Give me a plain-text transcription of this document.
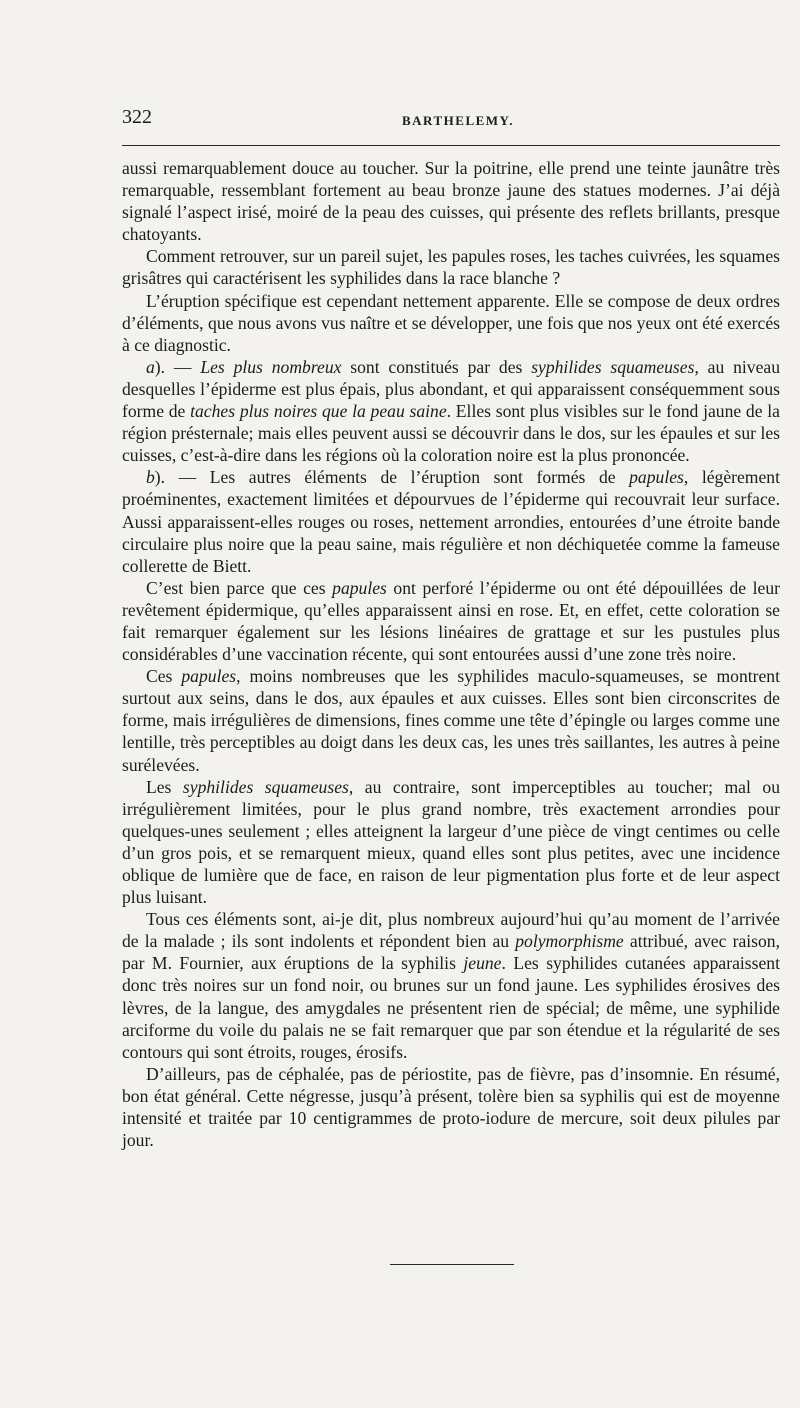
322	BARTHELEMY.

aussi remarquablement douce au toucher. Sur la poitrine, elle prend une teinte jaunâtre très remarquable, ressemblant fortement au beau bronze jaune des statues modernes. J’ai déjà signalé l’aspect irisé, moiré de la peau des cuisses, qui présente des reflets brillants, presque chatoyants.

Comment retrouver, sur un pareil sujet, les papules roses, les taches cuivrées, les squames grisâtres qui caractérisent les syphilides dans la race blanche ?

L’éruption spécifique est cependant nettement apparente. Elle se compose de deux ordres d’éléments, que nous avons vus naître et se développer, une fois que nos yeux ont été exercés à ce diagnostic.

a). — Les plus nombreux sont constitués par des syphilides squameuses, au niveau desquelles l’épiderme est plus épais, plus abondant, et qui apparaissent conséquemment sous forme de taches plus noires que la peau saine. Elles sont plus visibles sur le fond jaune de la région présternale; mais elles peuvent aussi se découvrir dans le dos, sur les épaules et sur les cuisses, c’est-à-dire dans les régions où la coloration noire est la plus prononcée.

b). — Les autres éléments de l’éruption sont formés de papules, légèrement proéminentes, exactement limitées et dépourvues de l’épiderme qui recouvrait leur surface. Aussi apparaissent-elles rouges ou roses, nettement arrondies, entourées d’une étroite bande circulaire plus noire que la peau saine, mais régulière et non déchiquetée comme la fameuse collerette de Biett.

C’est bien parce que ces papules ont perforé l’épiderme ou ont été dépouillées de leur revêtement épidermique, qu’elles apparaissent ainsi en rose. Et, en effet, cette coloration se fait remarquer également sur les lésions linéaires de grattage et sur les pustules plus considérables d’une vaccination récente, qui sont entourées aussi d’une zone très noire.

Ces papules, moins nombreuses que les syphilides maculo-squameuses, se montrent surtout aux seins, dans le dos, aux épaules et aux cuisses. Elles sont bien circonscrites de forme, mais irrégulières de dimensions, fines comme une tête d’épingle ou larges comme une lentille, très perceptibles au doigt dans les deux cas, les unes très saillantes, les autres à peine surélevées.

Les syphilides squameuses, au contraire, sont imperceptibles au toucher; mal ou irrégulièrement limitées, pour le plus grand nombre, très exactement arrondies pour quelques-unes seulement ; elles atteignent la largeur d’une pièce de vingt centimes ou celle d’un gros pois, et se remarquent mieux, quand elles sont plus petites, avec une incidence oblique de lumière que de face, en raison de leur pigmentation plus forte et de leur aspect plus luisant.

Tous ces éléments sont, ai-je dit, plus nombreux aujourd’hui qu’au moment de l’arrivée de la malade ; ils sont indolents et répondent bien au polymorphisme attribué, avec raison, par M. Fournier, aux éruptions de la syphilis jeune. Les syphilides cutanées apparaissent donc très noires sur un fond noir, ou brunes sur un fond jaune. Les syphilides érosives des lèvres, de la langue, des amygdales ne présentent rien de spécial; de même, une syphilide arciforme du voile du palais ne se fait remarquer que par son étendue et la régularité de ses contours qui sont étroits, rouges, érosifs.

D’ailleurs, pas de céphalée, pas de périostite, pas de fièvre, pas d’insomnie. En résumé, bon état général. Cette négresse, jusqu’à présent, tolère bien sa syphilis qui est de moyenne intensité et traitée par 10 centigrammes de proto-iodure de mercure, soit deux pilules par jour.
